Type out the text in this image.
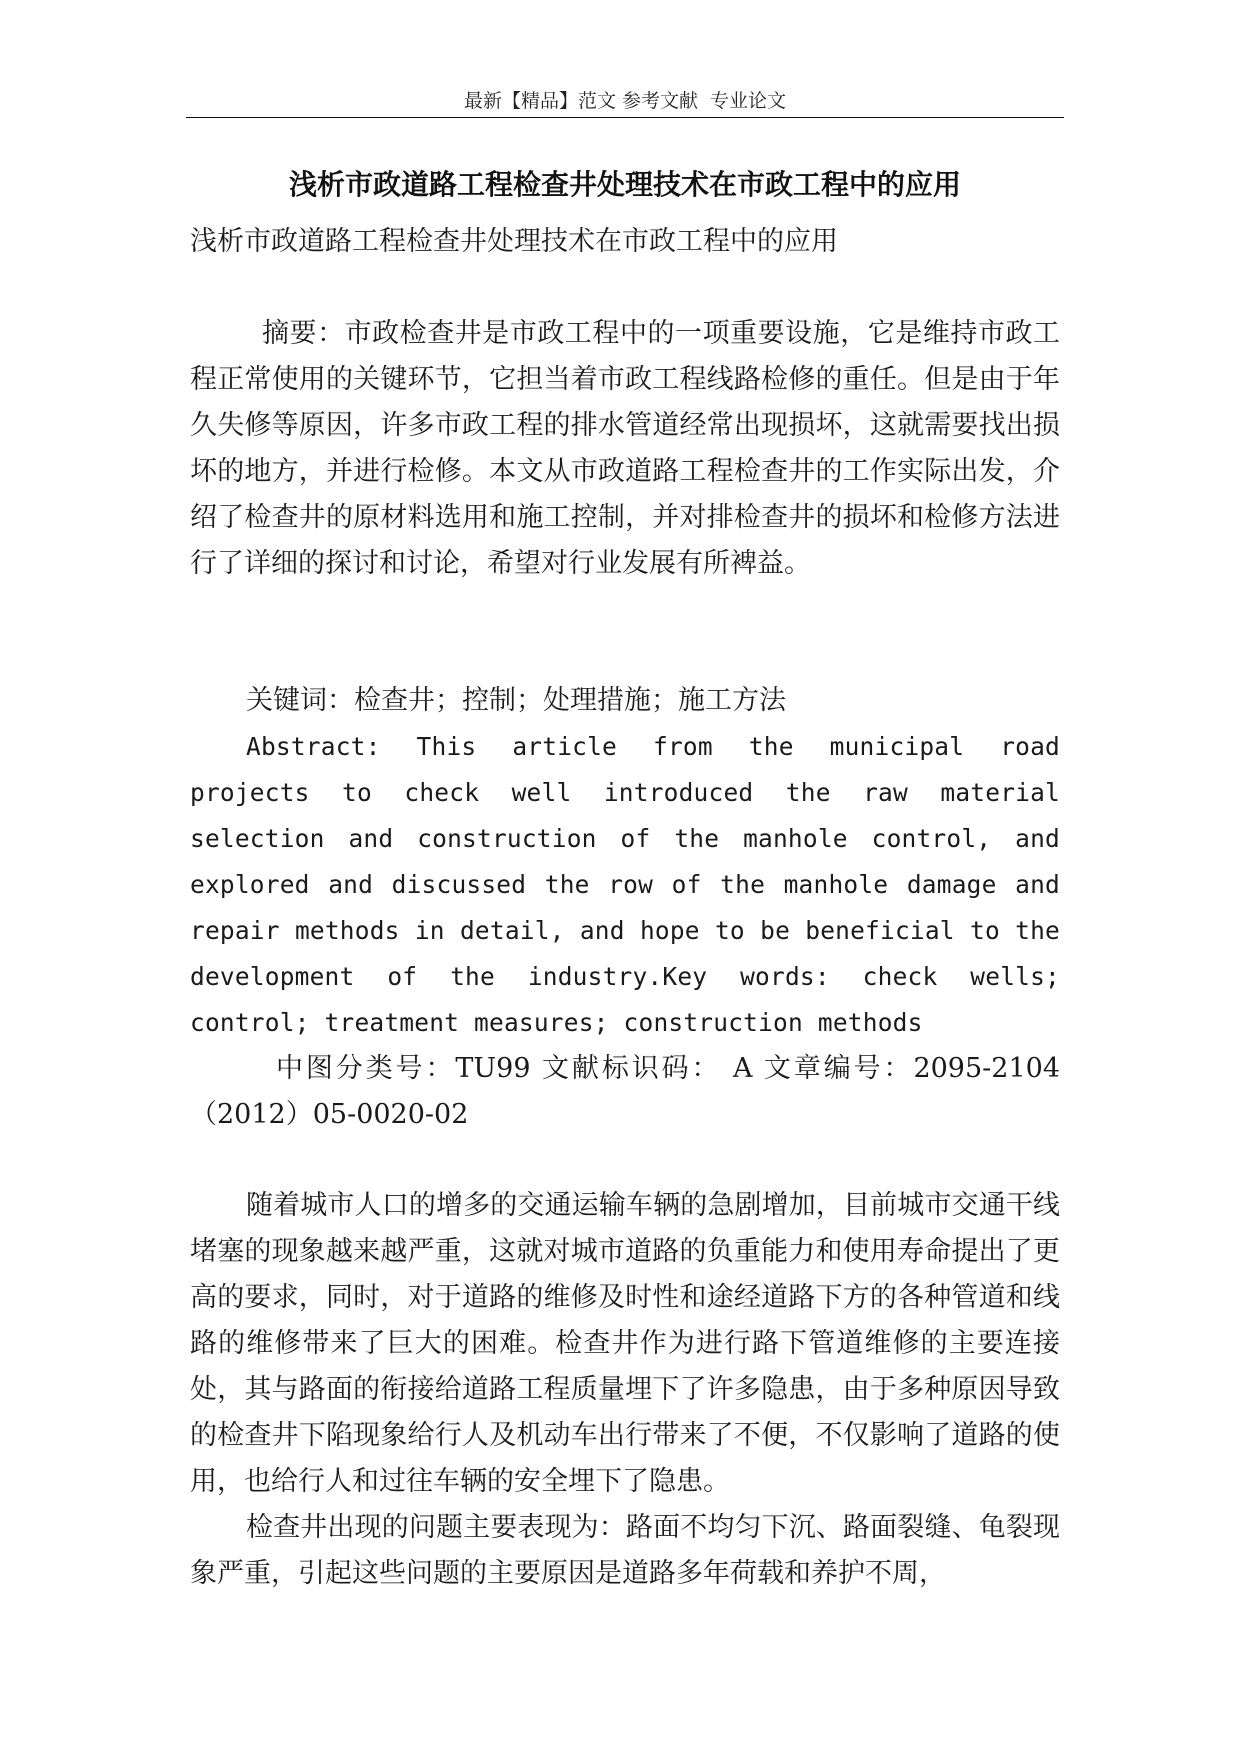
最新【精品】范文 参考文献  专业论文
浅析市政道路工程检查井处理技术在市政工程中的应用
浅析市政道路工程检查井处理技术在市政工程中的应用
摘要：市政检查井是市政工程中的一项重要设施，它是维持市政工程正常使用的关键环节，它担当着市政工程线路检修的重任。但是由于年久失修等原因，许多市政工程的排水管道经常出现损坏，这就需要找出损坏的地方，并进行检修。本文从市政道路工程检查井的工作实际出发，介绍了检查井的原材料选用和施工控制，并对排检查井的损坏和检修方法进行了详细的探讨和讨论，希望对行业发展有所裨益。
关键词：检查井；控制；处理措施；施工方法
Abstract: This article from the municipal road projects to check well introduced the raw material selection and construction of the manhole control, and explored and discussed the row of the manhole damage and repair methods in detail, and hope to be beneficial to the development of the industry.Key words: check wells; control; treatment measures; construction methods
中图分类号：TU99 文献标识码： A 文章编号：2095-2104（2012）05-0020-02
随着城市人口的增多的交通运输车辆的急剧增加，目前城市交通干线堵塞的现象越来越严重，这就对城市道路的负重能力和使用寿命提出了更高的要求，同时，对于道路的维修及时性和途经道路下方的各种管道和线路的维修带来了巨大的困难。检查井作为进行路下管道维修的主要连接处，其与路面的衔接给道路工程质量埋下了许多隐患，由于多种原因导致的检查井下陷现象给行人及机动车出行带来了不便，不仅影响了道路的使用，也给行人和过往车辆的安全埋下了隐患。
检查井出现的问题主要表现为：路面不均匀下沉、路面裂缝、龟裂现象严重，引起这些问题的主要原因是道路多年荷载和养护不周，
